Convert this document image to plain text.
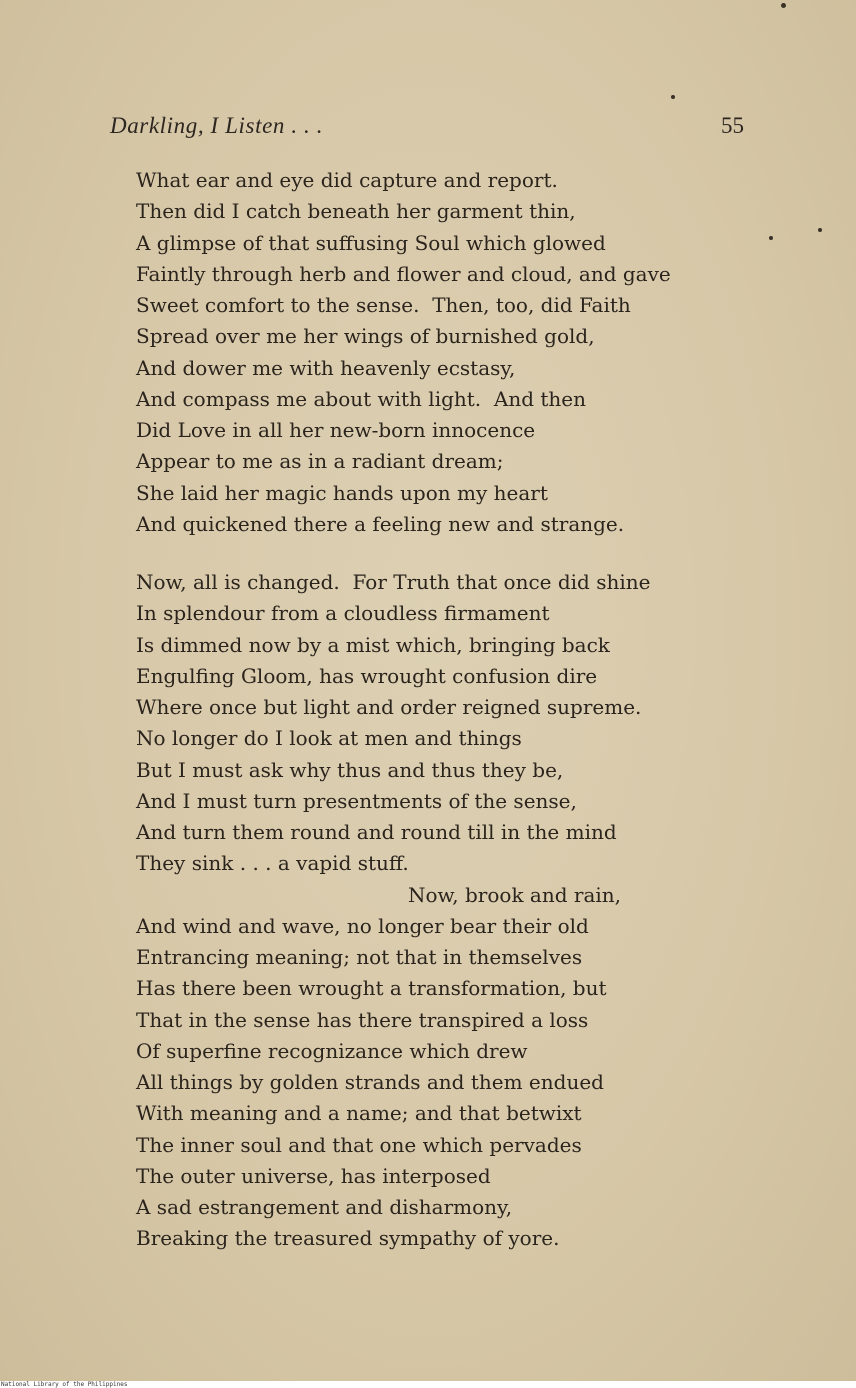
Darkling, I Listen . . .	55
What ear and eye did capture and report.
Then did I catch beneath her garment thin,
A glimpse of that suffusing Soul which glowed
Faintly through herb and flower and cloud, and gave
Sweet comfort to the sense.  Then, too, did Faith
Spread over me her wings of burnished gold,
And dower me with heavenly ecstasy,
And compass me about with light.  And then
Did Love in all her new-born innocence
Appear to me as in a radiant dream;
She laid her magic hands upon my heart
And quickened there a feeling new and strange.
Now, all is changed.  For Truth that once did shine
In splendour from a cloudless firmament
Is dimmed now by a mist which, bringing back
Engulfing Gloom, has wrought confusion dire
Where once but light and order reigned supreme.
No longer do I look at men and things
But I must ask why thus and thus they be,
And I must turn presentments of the sense,
And turn them round and round till in the mind
They sink . . . a vapid stuff.
Now, brook and rain,
And wind and wave, no longer bear their old
Entrancing meaning; not that in themselves
Has there been wrought a transformation, but
That in the sense has there transpired a loss
Of superfine recognizance which drew
All things by golden strands and them endued
With meaning and a name; and that betwixt
The inner soul and that one which pervades
The outer universe, has interposed
A sad estrangement and disharmony,
Breaking the treasured sympathy of yore.
National Library of the Philippines
